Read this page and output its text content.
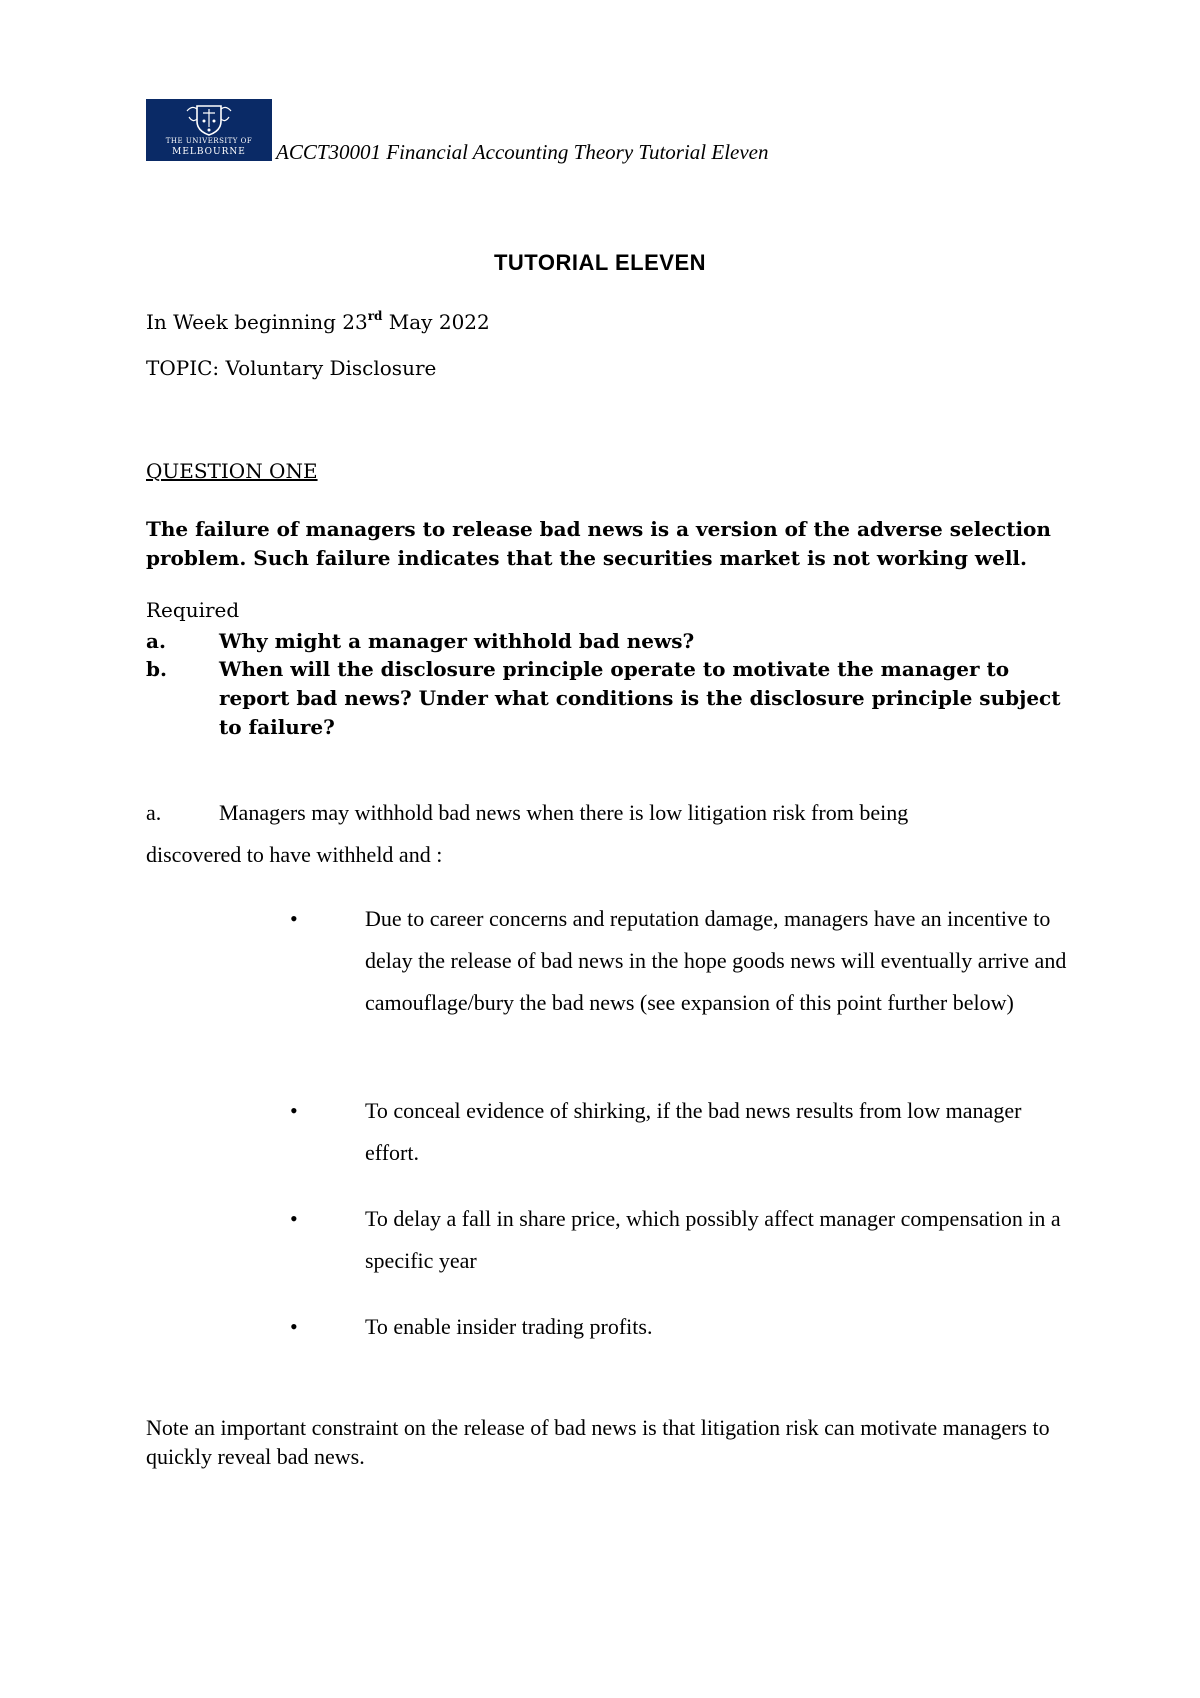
THE UNIVERSITY OF
MELBOURNE	ACCT30001 Financial Accounting Theory Tutorial Eleven
TUTORIAL ELEVEN
In Week beginning 23rd May 2022
TOPIC: Voluntary Disclosure
QUESTION ONE
The failure of managers to release bad news is a version of the adverse selection problem. Such failure indicates that the securities market is not working well.
Required
a.	Why might a manager withhold bad news?
b.	When will the disclosure principle operate to motivate the manager to report bad news? Under what conditions is the disclosure principle subject to failure?
a.	Managers may withhold bad news when there is low litigation risk from being
discovered to have withheld and :
•	Due to career concerns and reputation damage, managers have an incentive to delay the release of bad news in the hope goods news will eventually arrive and camouflage/bury the bad news (see expansion of this point further below)
•	To conceal evidence of shirking, if the bad news results from low manager effort.
•	To delay a fall in share price, which possibly affect manager compensation in a specific year
•	To enable insider trading profits.
Note an important constraint on the release of bad news is that litigation risk can motivate managers to quickly reveal bad news.
